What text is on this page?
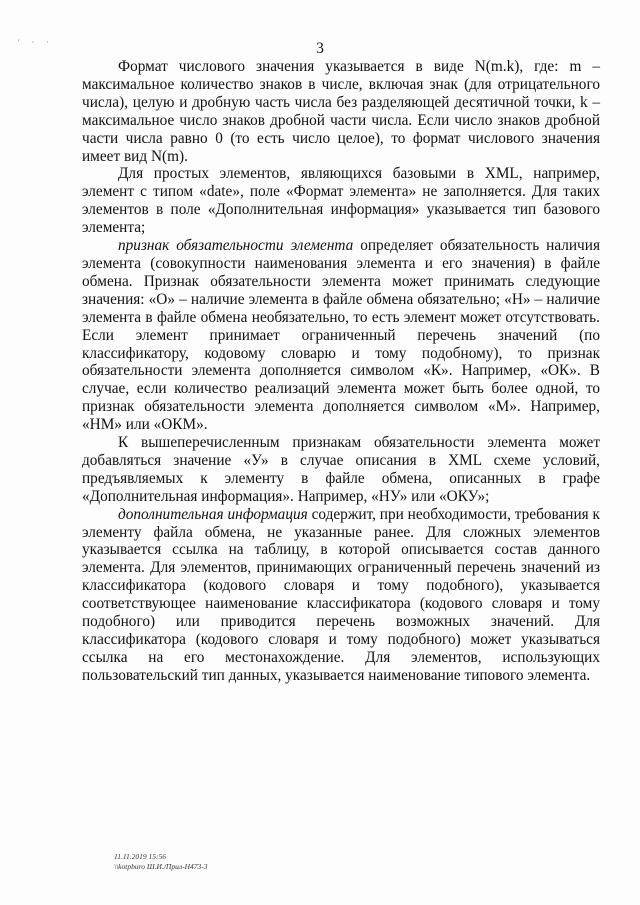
' · ·	3

Формат числового значения указывается в виде N(m.k), где: m – максимальное количество знаков в числе, включая знак (для отрицательного числа), целую и дробную часть числа без разделяющей десятичной точки, k – максимальное число знаков дробной части числа. Если число знаков дробной части числа равно 0 (то есть число целое), то формат числового значения имеет вид N(m).

Для простых элементов, являющихся базовыми в XML, например, элемент с типом «date», поле «Формат элемента» не заполняется. Для таких элементов в поле «Дополнительная информация» указывается тип базового элемента;

признак обязательности элемента определяет обязательность наличия элемента (совокупности наименования элемента и его значения) в файле обмена. Признак обязательности элемента может принимать следующие значения: «О» – наличие элемента в файле обмена обязательно; «Н» – наличие элемента в файле обмена необязательно, то есть элемент может отсутствовать. Если элемент принимает ограниченный перечень значений (по классификатору, кодовому словарю и тому подобному), то признак обязательности элемента дополняется символом «К». Например, «ОК». В случае, если количество реализаций элемента может быть более одной, то признак обязательности элемента дополняется символом «М». Например, «НМ» или «ОКМ».

К вышеперечисленным признакам обязательности элемента может добавляться значение «У» в случае описания в XML схеме условий, предъявляемых к элементу в файле обмена, описанных в графе «Дополнительная информация». Например, «НУ» или «ОКУ»;

дополнительная информация содержит, при необходимости, требования к элементу файла обмена, не указанные ранее. Для сложных элементов указывается ссылка на таблицу, в которой описывается состав данного элемента. Для элементов, принимающих ограниченный перечень значений из классификатора (кодового словаря и тому подобного), указывается соответствующее наименование классификатора (кодового словаря и тому подобного) или приводится перечень возможных значений. Для классификатора (кодового словаря и тому подобного) может указываться ссылка на его местонахождение. Для элементов, использующих пользовательский тип данных, указывается наименование типового элемента.

11.11.2019 15:56
\\kotpburo Ш.И./Прил-Н473-3
